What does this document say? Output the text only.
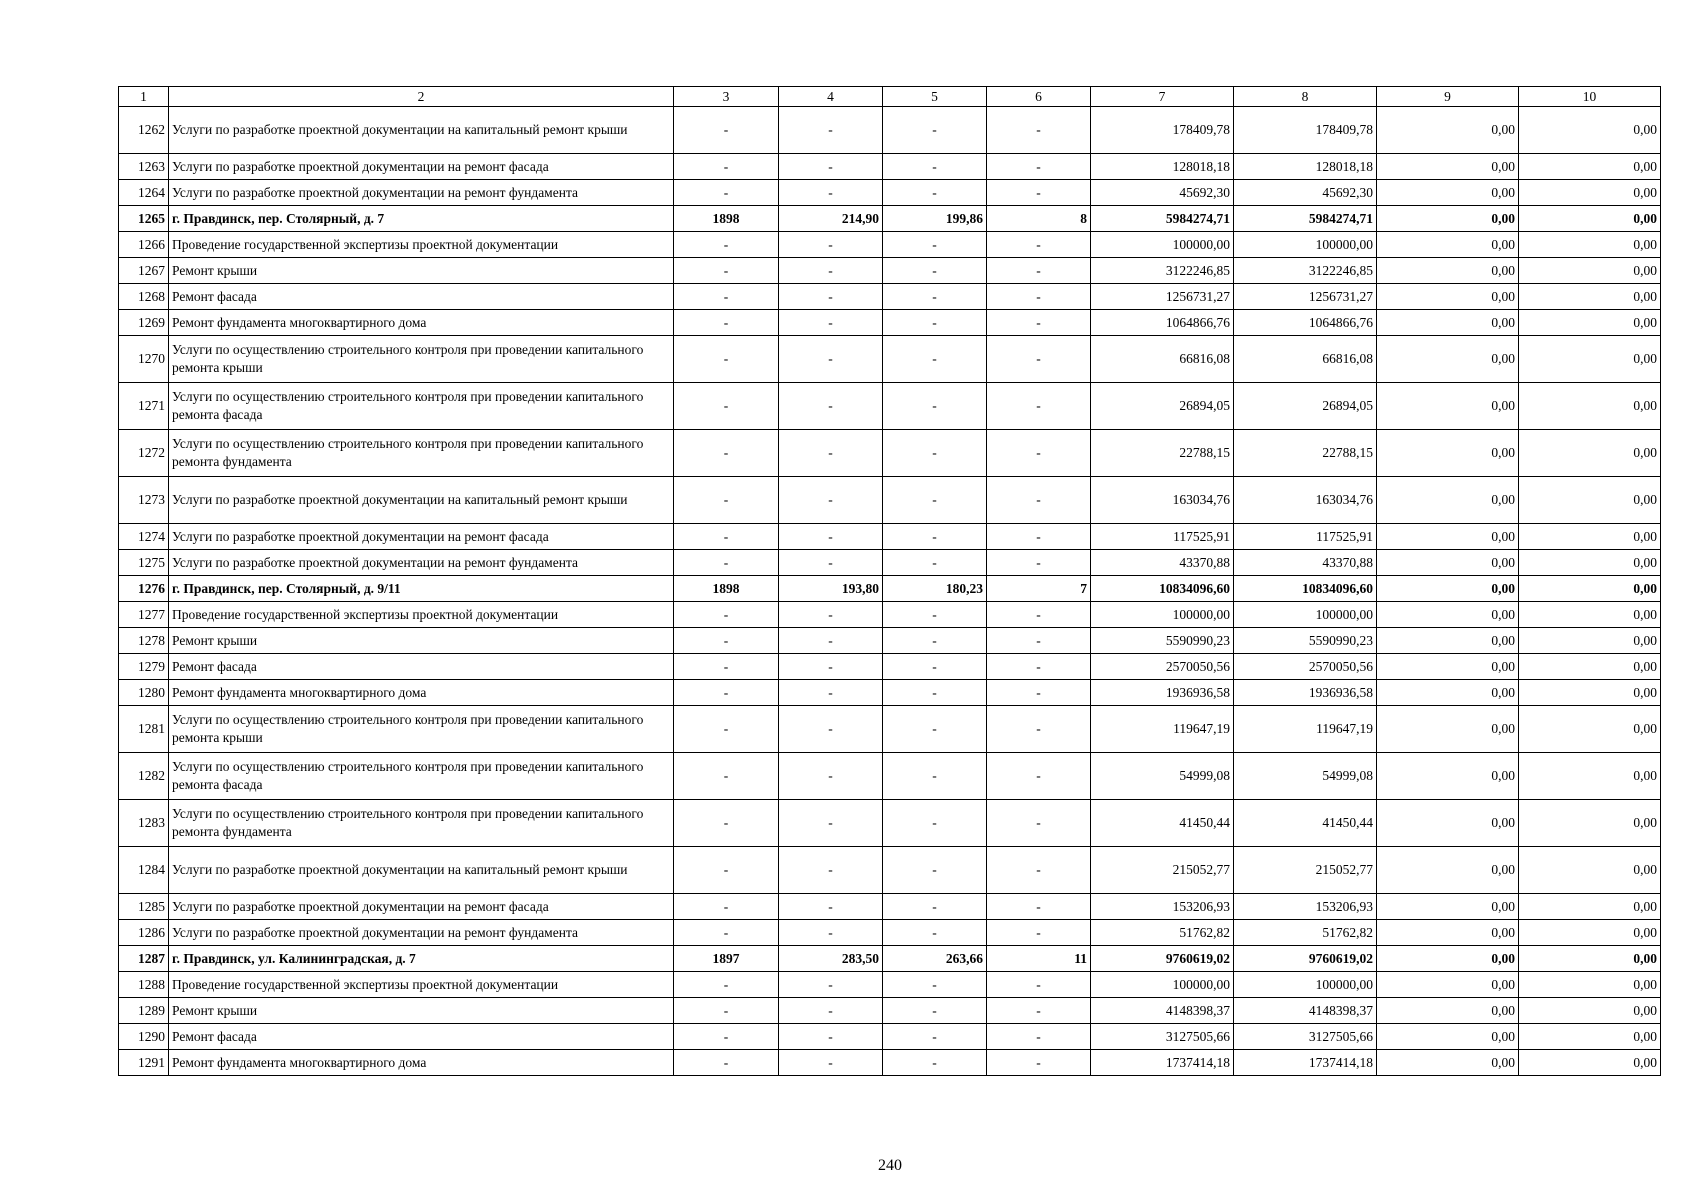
1	2	3	4	5	6	7	8	9	10
1262	Услуги по разработке проектной документации на капитальный ремонт крыши	-	-	-	-	178409,78	178409,78	0,00	0,00
1263	Услуги по разработке проектной документации на ремонт фасада	-	-	-	-	128018,18	128018,18	0,00	0,00
1264	Услуги по разработке проектной документации на ремонт фундамента	-	-	-	-	45692,30	45692,30	0,00	0,00
1265	г. Правдинск, пер. Столярный, д. 7	1898	214,90	199,86	8	5984274,71	5984274,71	0,00	0,00
1266	Проведение государственной экспертизы проектной документации	-	-	-	-	100000,00	100000,00	0,00	0,00
1267	Ремонт крыши	-	-	-	-	3122246,85	3122246,85	0,00	0,00
1268	Ремонт фасада	-	-	-	-	1256731,27	1256731,27	0,00	0,00
1269	Ремонт фундамента многоквартирного дома	-	-	-	-	1064866,76	1064866,76	0,00	0,00
1270	Услуги по осуществлению строительного контроля при проведении капитального ремонта крыши	-	-	-	-	66816,08	66816,08	0,00	0,00
1271	Услуги по осуществлению строительного контроля при проведении капитального ремонта фасада	-	-	-	-	26894,05	26894,05	0,00	0,00
1272	Услуги по осуществлению строительного контроля при проведении капитального ремонта фундамента	-	-	-	-	22788,15	22788,15	0,00	0,00
1273	Услуги по разработке проектной документации на капитальный ремонт крыши	-	-	-	-	163034,76	163034,76	0,00	0,00
1274	Услуги по разработке проектной документации на ремонт фасада	-	-	-	-	117525,91	117525,91	0,00	0,00
1275	Услуги по разработке проектной документации на ремонт фундамента	-	-	-	-	43370,88	43370,88	0,00	0,00
1276	г. Правдинск, пер. Столярный, д. 9/11	1898	193,80	180,23	7	10834096,60	10834096,60	0,00	0,00
1277	Проведение государственной экспертизы проектной документации	-	-	-	-	100000,00	100000,00	0,00	0,00
1278	Ремонт крыши	-	-	-	-	5590990,23	5590990,23	0,00	0,00
1279	Ремонт фасада	-	-	-	-	2570050,56	2570050,56	0,00	0,00
1280	Ремонт фундамента многоквартирного дома	-	-	-	-	1936936,58	1936936,58	0,00	0,00
1281	Услуги по осуществлению строительного контроля при проведении капитального ремонта крыши	-	-	-	-	119647,19	119647,19	0,00	0,00
1282	Услуги по осуществлению строительного контроля при проведении капитального ремонта фасада	-	-	-	-	54999,08	54999,08	0,00	0,00
1283	Услуги по осуществлению строительного контроля при проведении капитального ремонта фундамента	-	-	-	-	41450,44	41450,44	0,00	0,00
1284	Услуги по разработке проектной документации на капитальный ремонт крыши	-	-	-	-	215052,77	215052,77	0,00	0,00
1285	Услуги по разработке проектной документации на ремонт фасада	-	-	-	-	153206,93	153206,93	0,00	0,00
1286	Услуги по разработке проектной документации на ремонт фундамента	-	-	-	-	51762,82	51762,82	0,00	0,00
1287	г. Правдинск, ул. Калининградская, д. 7	1897	283,50	263,66	11	9760619,02	9760619,02	0,00	0,00
1288	Проведение государственной экспертизы проектной документации	-	-	-	-	100000,00	100000,00	0,00	0,00
1289	Ремонт крыши	-	-	-	-	4148398,37	4148398,37	0,00	0,00
1290	Ремонт фасада	-	-	-	-	3127505,66	3127505,66	0,00	0,00
1291	Ремонт фундамента многоквартирного дома	-	-	-	-	1737414,18	1737414,18	0,00	0,00
240
